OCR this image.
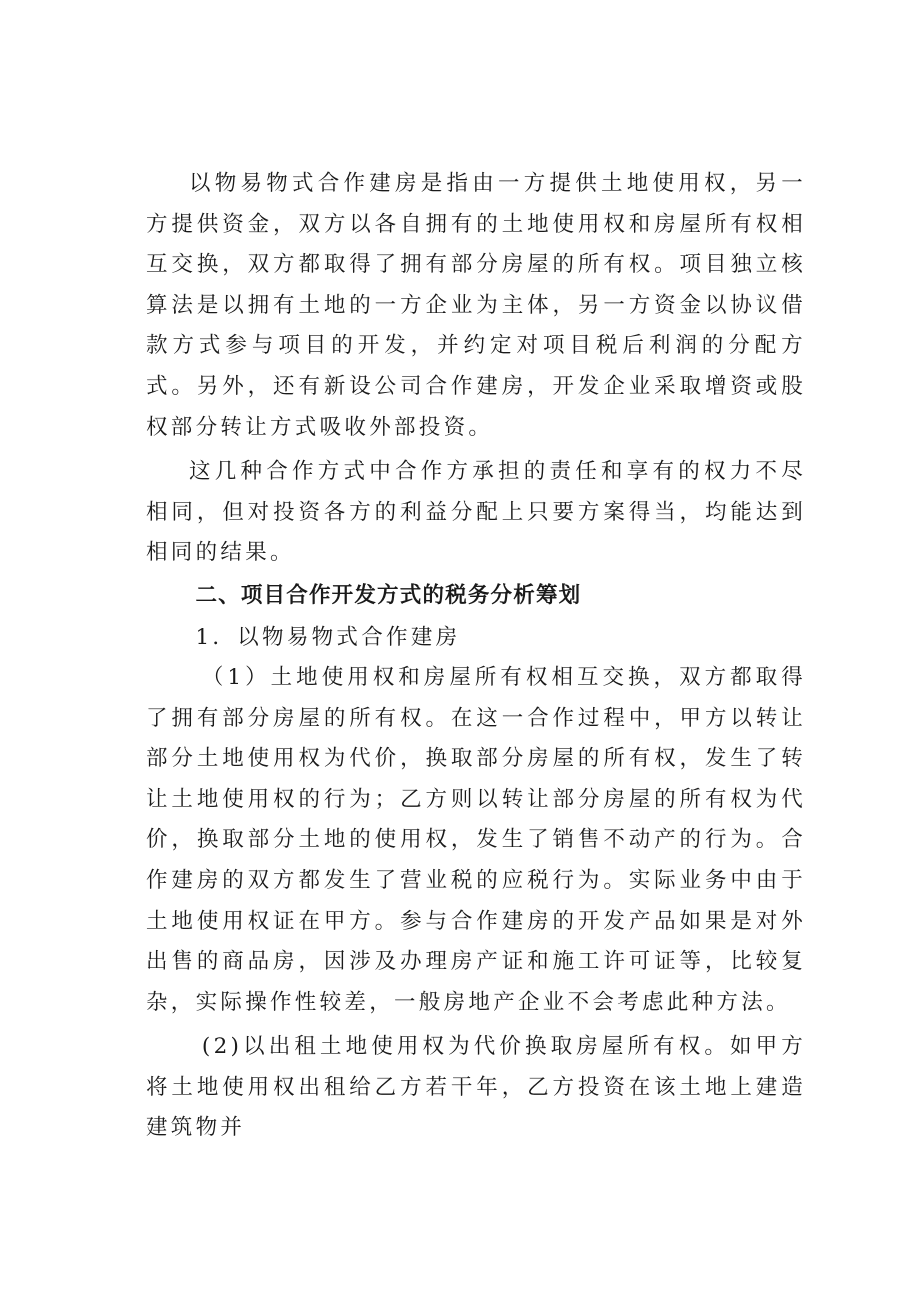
以物易物式合作建房是指由一方提供土地使用权，另一方提供资金，双方以各自拥有的土地使用权和房屋所有权相互交换，双方都取得了拥有部分房屋的所有权。项目独立核算法是以拥有土地的一方企业为主体，另一方资金以协议借款方式参与项目的开发，并约定对项目税后利润的分配方式。另外，还有新设公司合作建房，开发企业采取增资或股权部分转让方式吸收外部投资。

这几种合作方式中合作方承担的责任和享有的权力不尽相同，但对投资各方的利益分配上只要方案得当，均能达到相同的结果。

二、项目合作开发方式的税务分析筹划

1．以物易物式合作建房

（1）土地使用权和房屋所有权相互交换，双方都取得了拥有部分房屋的所有权。在这一合作过程中，甲方以转让部分土地使用权为代价，换取部分房屋的所有权，发生了转让土地使用权的行为；乙方则以转让部分房屋的所有权为代价，换取部分土地的使用权，发生了销售不动产的行为。合作建房的双方都发生了营业税的应税行为。实际业务中由于土地使用权证在甲方。参与合作建房的开发产品如果是对外出售的商品房，因涉及办理房产证和施工许可证等，比较复杂，实际操作性较差，一般房地产企业不会考虑此种方法。

(2)以出租土地使用权为代价换取房屋所有权。如甲方将土地使用权出租给乙方若干年，乙方投资在该土地上建造建筑物并
